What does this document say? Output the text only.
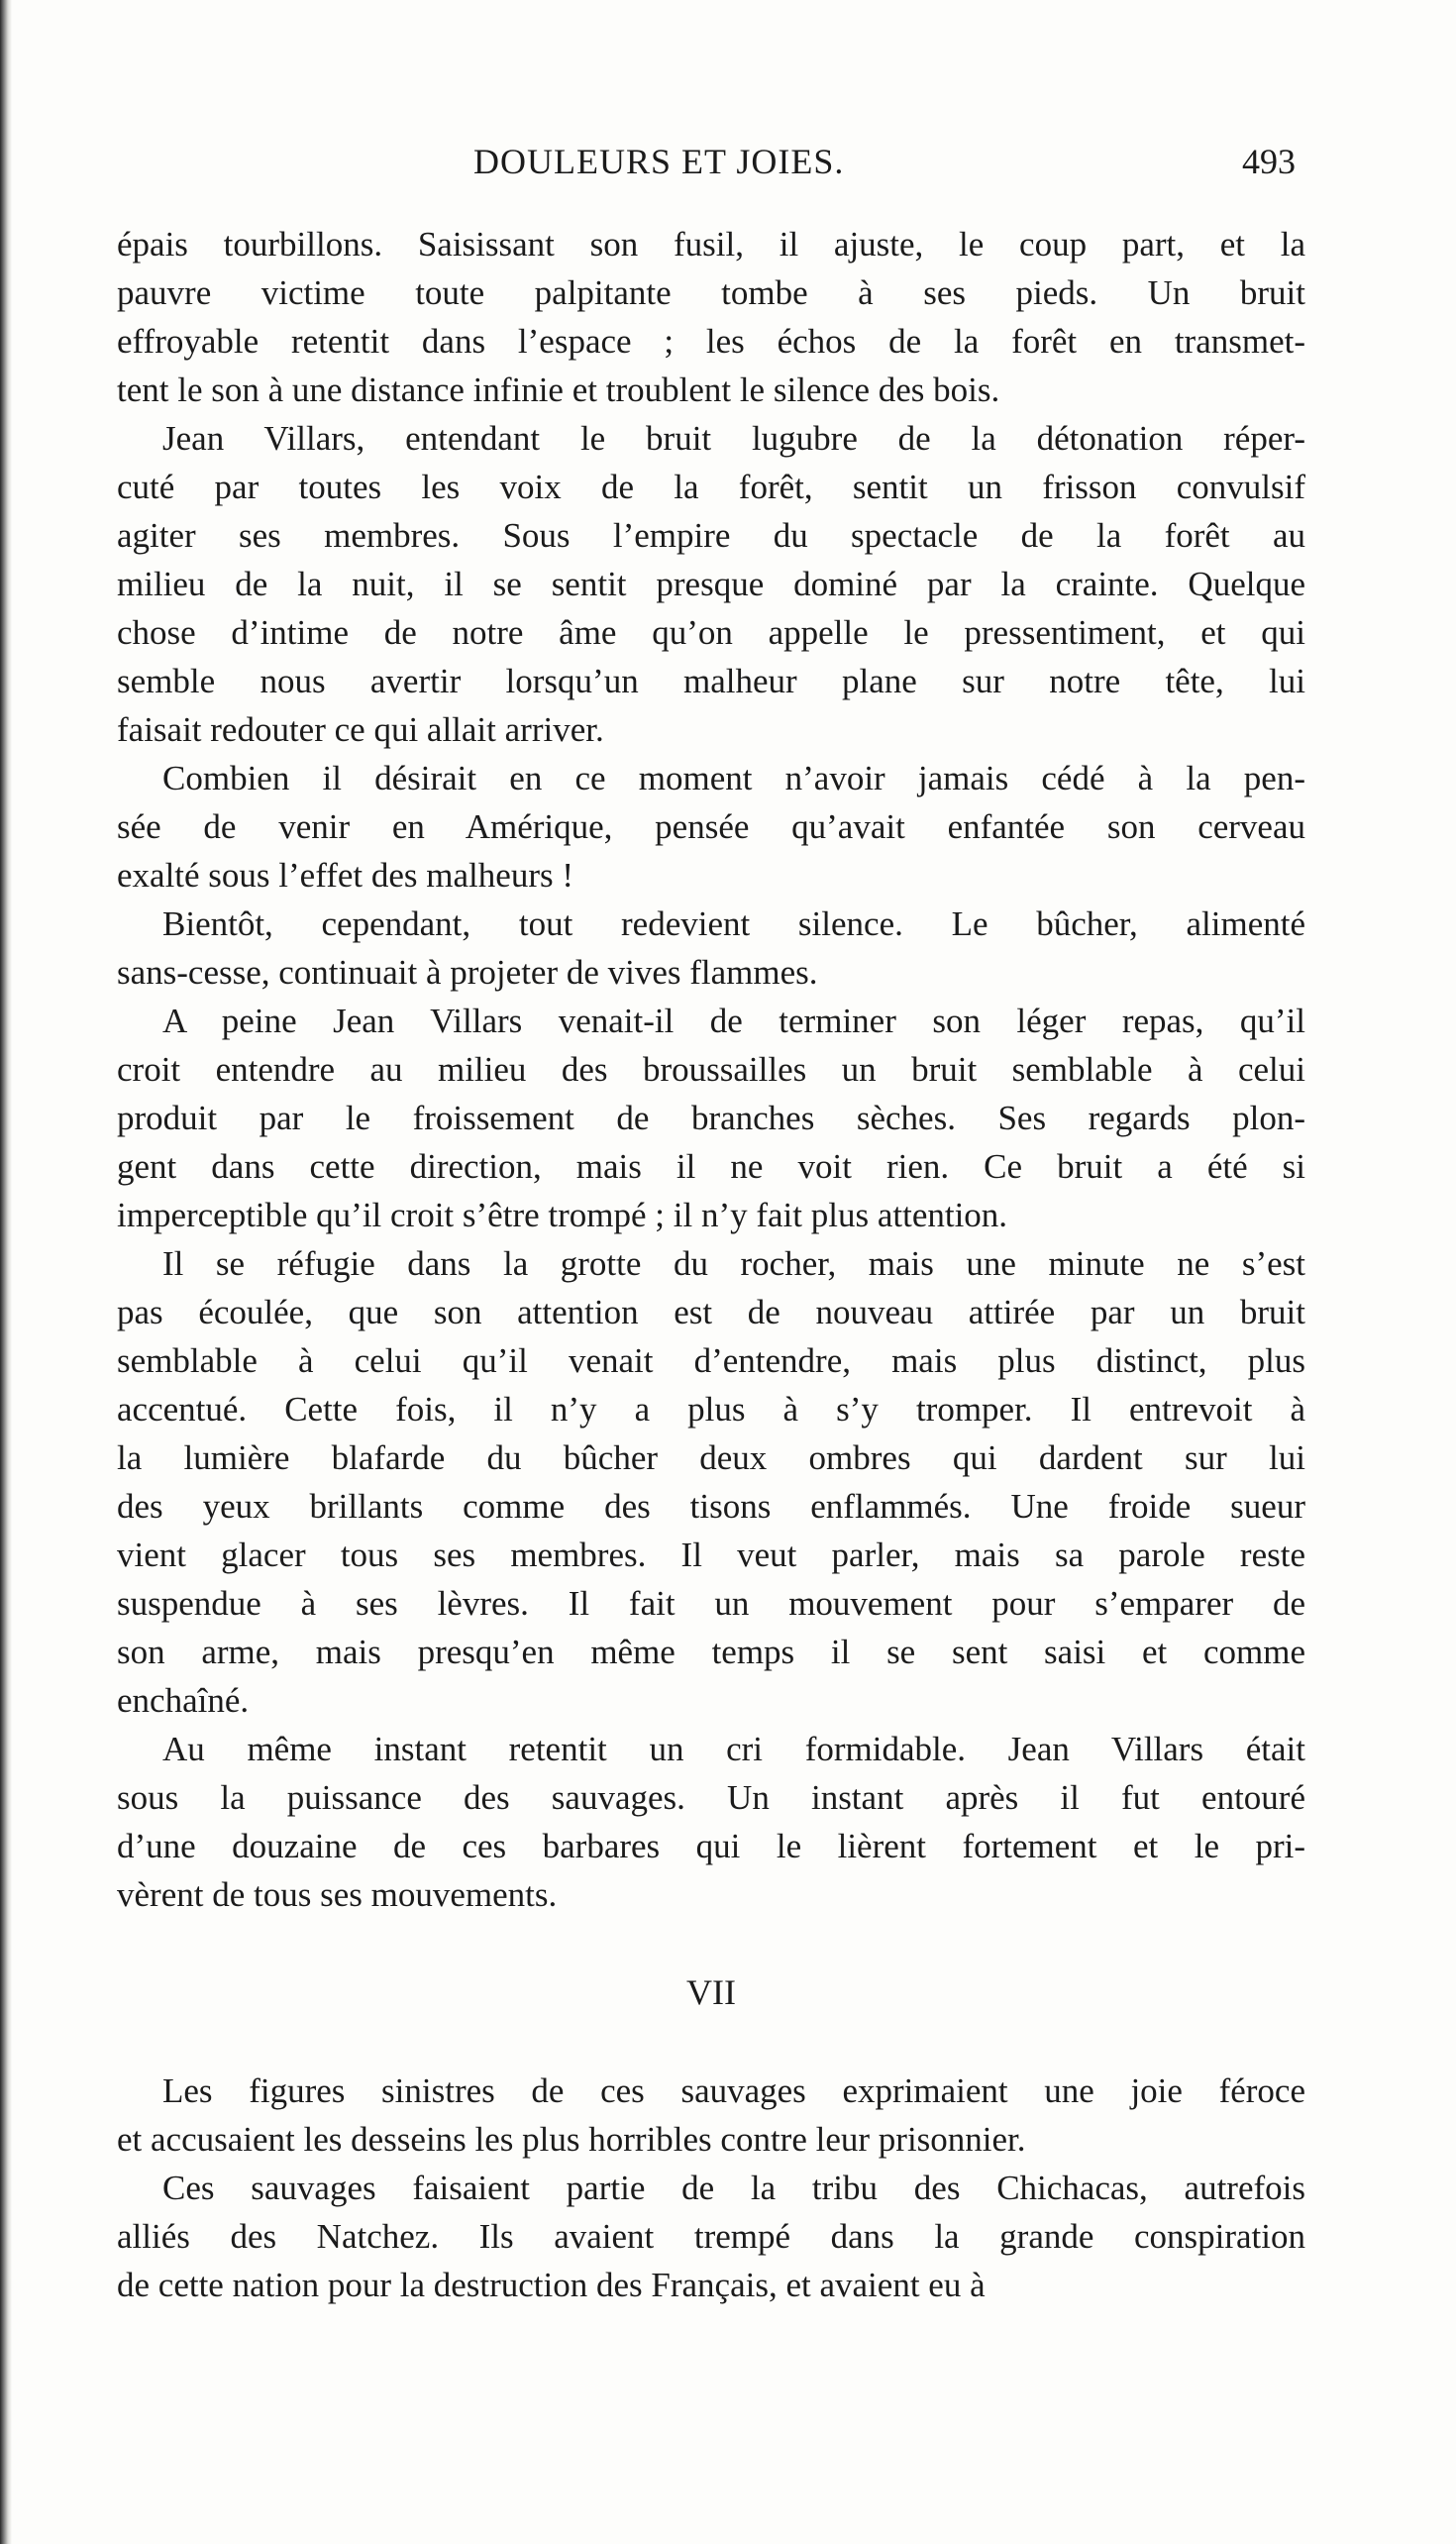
DOULEURS ET JOIES.	493
épais tourbillons. Saisissant son fusil, il ajuste, le coup part, et la
pauvre victime toute palpitante tombe à ses pieds. Un bruit
effroyable retentit dans l’espace ; les échos de la forêt en transmet-
tent le son à une distance infinie et troublent le silence des bois.
Jean Villars, entendant le bruit lugubre de la détonation réper-
cuté par toutes les voix de la forêt, sentit un frisson convulsif
agiter ses membres. Sous l’empire du spectacle de la forêt au
milieu de la nuit, il se sentit presque dominé par la crainte. Quelque
chose d’intime de notre âme qu’on appelle le pressentiment, et qui
semble nous avertir lorsqu’un malheur plane sur notre tête, lui
faisait redouter ce qui allait arriver.
Combien il désirait en ce moment n’avoir jamais cédé à la pen-
sée de venir en Amérique, pensée qu’avait enfantée son cerveau
exalté sous l’effet des malheurs !
Bientôt, cependant, tout redevient silence. Le bûcher, alimenté
sans-cesse, continuait à projeter de vives flammes.
A peine Jean Villars venait-il de terminer son léger repas, qu’il
croit entendre au milieu des broussailles un bruit semblable à celui
produit par le froissement de branches sèches. Ses regards plon-
gent dans cette direction, mais il ne voit rien. Ce bruit a été si
imperceptible qu’il croit s’être trompé ; il n’y fait plus attention.
Il se réfugie dans la grotte du rocher, mais une minute ne s’est
pas écoulée, que son attention est de nouveau attirée par un bruit
semblable à celui qu’il venait d’entendre, mais plus distinct, plus
accentué. Cette fois, il n’y a plus à s’y tromper. Il entrevoit à
la lumière blafarde du bûcher deux ombres qui dardent sur lui
des yeux brillants comme des tisons enflammés. Une froide sueur
vient glacer tous ses membres. Il veut parler, mais sa parole reste
suspendue à ses lèvres. Il fait un mouvement pour s’emparer de
son arme, mais presqu’en même temps il se sent saisi et comme
enchaîné.
Au même instant retentit un cri formidable. Jean Villars était
sous la puissance des sauvages. Un instant après il fut entouré
d’une douzaine de ces barbares qui le lièrent fortement et le pri-
vèrent de tous ses mouvements.
VII
Les figures sinistres de ces sauvages exprimaient une joie féroce
et accusaient les desseins les plus horribles contre leur prisonnier.
Ces sauvages faisaient partie de la tribu des Chichacas, autrefois
alliés des Natchez. Ils avaient trempé dans la grande conspiration
de cette nation pour la destruction des Français, et avaient eu à
